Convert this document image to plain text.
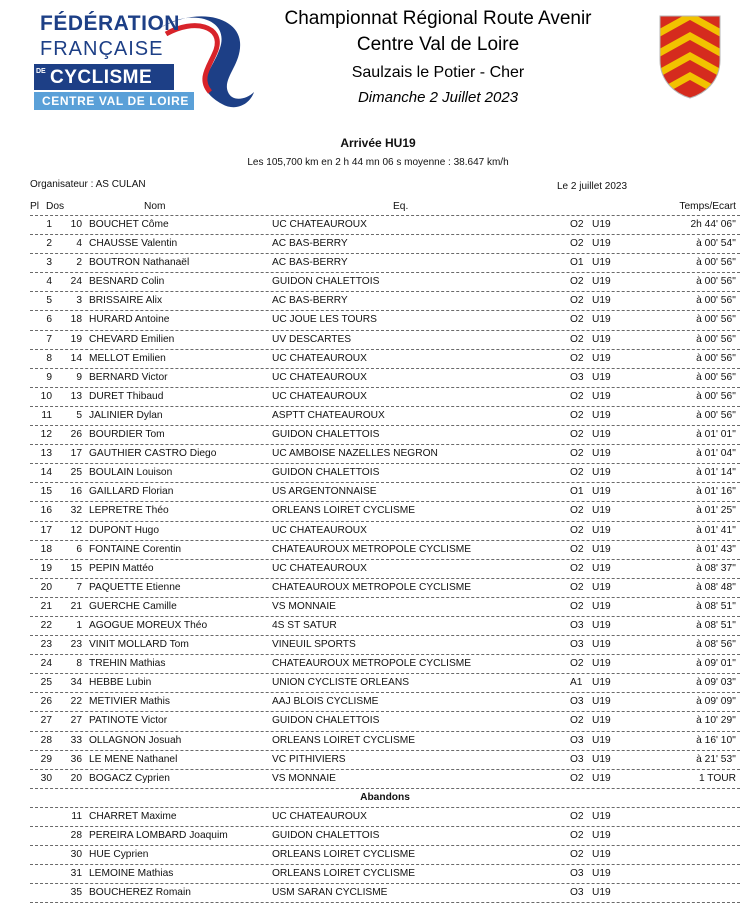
FÉDÉRATION
FRANÇAISE
DE CYCLISME
CENTRE VAL DE LOIRE
Championnat Régional Route Avenir
Centre Val de Loire
Saulzais le Potier - Cher
Dimanche 2 Juillet 2023
Arrivée HU19
Les 105,700 km en 2 h 44 mn 06 s moyenne : 38.647 km/h
Organisateur : AS CULAN	Le 2 juillet 2023
Pl Dos	Nom	Eq.	Temps/Ecart
1	10 BOUCHET Côme	UC CHATEAUROUX	O2 U19	2h 44' 06''
2	4 CHAUSSE Valentin	AC BAS-BERRY	O2 U19	à 00' 54''
3	2 BOUTRON Nathanaël	AC BAS-BERRY	O1 U19	à 00' 56''
4	24 BESNARD Colin	GUIDON CHALETTOIS	O2 U19	à 00' 56''
5	3 BRISSAIRE Alix	AC BAS-BERRY	O2 U19	à 00' 56''
6	18 HURARD Antoine	UC JOUE LES TOURS	O2 U19	à 00' 56''
7	19 CHEVARD Emilien	UV DESCARTES	O2 U19	à 00' 56''
8	14 MELLOT Emilien	UC CHATEAUROUX	O2 U19	à 00' 56''
9	9 BERNARD Victor	UC CHATEAUROUX	O3 U19	à 00' 56''
10	13 DURET Thibaud	UC CHATEAUROUX	O2 U19	à 00' 56''
11	5 JALINIER Dylan	ASPTT CHATEAUROUX	O2 U19	à 00' 56''
12	26 BOURDIER Tom	GUIDON CHALETTOIS	O2 U19	à 01' 01''
13	17 GAUTHIER CASTRO Diego	UC AMBOISE NAZELLES NEGRON	O2 U19	à 01' 04''
14	25 BOULAIN Louison	GUIDON CHALETTOIS	O2 U19	à 01' 14''
15	16 GAILLARD Florian	US ARGENTONNAISE	O1 U19	à 01' 16''
16	32 LEPRETRE Théo	ORLEANS LOIRET CYCLISME	O2 U19	à 01' 25''
17	12 DUPONT Hugo	UC CHATEAUROUX	O2 U19	à 01' 41''
18	6 FONTAINE Corentin	CHATEAUROUX METROPOLE CYCLISME	O2 U19	à 01' 43''
19	15 PEPIN Mattéo	UC CHATEAUROUX	O2 U19	à 08' 37''
20	7 PAQUETTE Etienne	CHATEAUROUX METROPOLE CYCLISME	O2 U19	à 08' 48''
21	21 GUERCHE Camille	VS MONNAIE	O2 U19	à 08' 51''
22	1 AGOGUE MOREUX Théo	4S ST SATUR	O3 U19	à 08' 51''
23	23 VINIT MOLLARD Tom	VINEUIL SPORTS	O3 U19	à 08' 56''
24	8 TREHIN Mathias	CHATEAUROUX METROPOLE CYCLISME	O2 U19	à 09' 01''
25	34 HEBBE Lubin	UNION CYCLISTE ORLEANS	A1 U19	à 09' 03''
26	22 METIVIER Mathis	AAJ BLOIS CYCLISME	O3 U19	à 09' 09''
27	27 PATINOTE Victor	GUIDON CHALETTOIS	O2 U19	à 10' 29''
28	33 OLLAGNON Josuah	ORLEANS LOIRET CYCLISME	O3 U19	à 16' 10''
29	36 LE MENE Nathanel	VC PITHIVIERS	O3 U19	à 21' 53''
30	20 BOGACZ Cyprien	VS MONNAIE	O2 U19	1 TOUR
Abandons
11 CHARRET Maxime	UC CHATEAUROUX	O2 U19
28 PEREIRA LOMBARD Joaquim	GUIDON CHALETTOIS	O2 U19
30 HUE Cyprien	ORLEANS LOIRET CYCLISME	O2 U19
31 LEMOINE Mathias	ORLEANS LOIRET CYCLISME	O3 U19
35 BOUCHEREZ Romain	USM SARAN CYCLISME	O3 U19
